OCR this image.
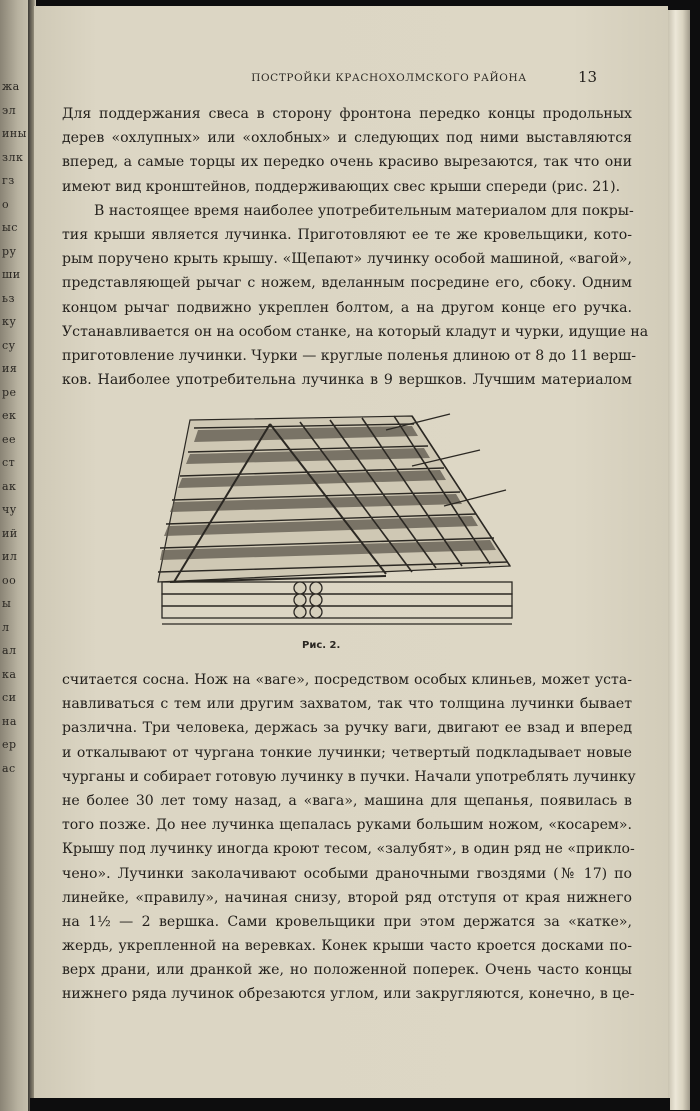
жа
эл
ины
злк
гз
о
ыс
ру
ши
ьз
ку
су
ия
ре
ек
ее
ст
ак
чу
ий
ил
оо
ы
л
ал
ка
си
на
ер
ас
ПОСТРОЙКИ КРАСНОХОЛМСКОГО РАЙОНА	13
Для поддержания свеса в сторону фронтона передко концы продольных
дерев «охлупных» или «охлобных» и следующих под ними выставляются
вперед, а самые торцы их передко очень красиво вырезаются, так что они
имеют вид кронштейнов, поддерживающих свес крыши спереди (рис. 21).
В настоящее время наиболее употребительным материалом для покры-
тия крыши является лучинка. Приготовляют ее те же кровельщики, кото-
рым поручено крыть крышу. «Щепают» лучинку особой машиной, «вагой»,
представляющей рычаг с ножем, вделанным посредине его, сбоку. Одним
концом рычаг подвижно укреплен болтом, а на другом конце его ручка.
Устанавливается он на особом станке, на который кладут и чурки, идущие на
приготовление лучинки. Чурки — круглые поленья длиною от 8 до 11 верш-
ков. Наиболее употребительна лучинка в 9 вершков. Лучшим материалом
Рис. 2.
считается сосна. Нож на «ваге», посредством особых клиньев, может уста-
навливаться с тем или другим захватом, так что толщина лучинки бывает
различна. Три человека, держась за ручку ваги, двигают ее взад и вперед
и откалывают от чургана тонкие лучинки; четвертый подкладывает новые
чурганы и собирает готовую лучинку в пучки. Начали употреблять лучинку
не более 30 лет тому назад, а «вага», машина для щепанья, появилась в
того позже. До нее лучинка щепалась руками большим ножом, «косарем».
Крышу под лучинку иногда кроют тесом, «залубят», в один ряд не «прикло-
чено». Лучинки заколачивают особыми драночными гвоздями (№ 17) по
линейке, «правилу», начиная снизу, второй ряд отступя от края нижнего
на 1½ — 2 вершка. Сами кровельщики при этом держатся за «катке»,
жердь, укрепленной на веревках. Конек крыши часто кроется досками по-
верх драни, или дранкой же, но положенной поперек. Очень часто концы
нижнего ряда лучинок обрезаются углом, или закругляются, конечно, в це-
